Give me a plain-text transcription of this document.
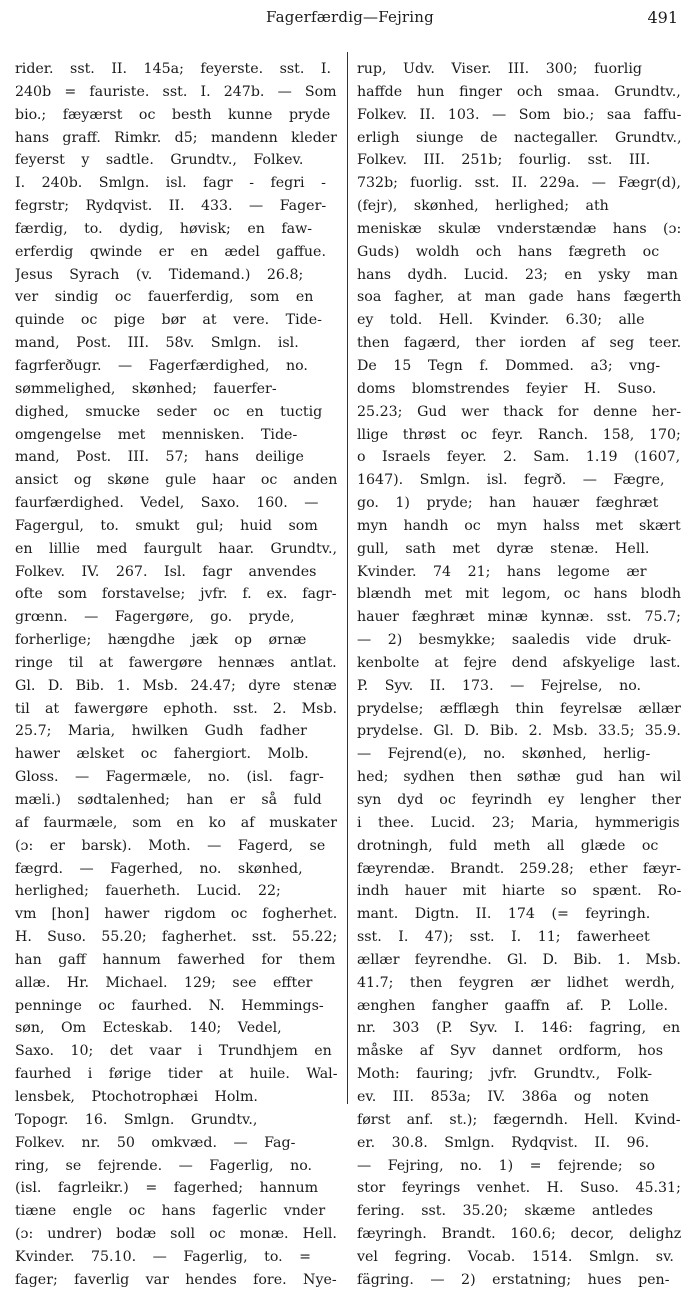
Fagerfærdig—Fejring	491
rider. sst. II. 145a; feyerste. sst. I.
240b = fauriste. sst. I. 247b. — Som
bio.; fæyærst oc besth kunne pryde
hans graff. Rimkr. d5; mandenn kleder
feyerst y sadtle. Grundtv., Folkev.
I. 240b. Smlgn. isl. fagr - fegri -
fegrstr; Rydqvist. II. 433. — Fager-
færdig, to. dydig, høvisk; en faw-
erferdig qwinde er en ædel gaffue.
Jesus Syrach (v. Tidemand.) 26.8;
ver sindig oc fauerferdig, som en
quinde oc pige bør at vere. Tide-
mand, Post. III. 58v. Smlgn. isl.
fagrferðugr. — Fagerfærdighed, no.
sømmelighed, skønhed; fauerfer-
dighed, smucke seder oc en tuctig
omgengelse met mennisken. Tide-
mand, Post. III. 57; hans deilige
ansict og skøne gule haar oc anden
faurfærdighed. Vedel, Saxo. 160. —
Fagergul, to. smukt gul; huid som
en lillie med faurgult haar. Grundtv.,
Folkev. IV. 267. Isl. fagr anvendes
ofte som forstavelse; jvfr. f. ex. fagr-
grœnn. — Fagergøre, go. pryde,
forherlige; hængdhe jæk op ørnæ
ringe til at fawergøre hennæs antlat.
Gl. D. Bib. 1. Msb. 24.47; dyre stenæ
til at fawergøre ephoth. sst. 2. Msb.
25.7; Maria, hwilken Gudh fadher
hawer ælsket oc fahergiort. Molb.
Gloss. — Fagermæle, no. (isl. fagr-
mæli.) sødtalenhed; han er så fuld
af faurmæle, som en ko af muskater
(ɔ: er barsk). Moth. — Fagerd, se
fægrd. — Fagerhed, no. skønhed,
herlighed; fauerheth. Lucid. 22;
vm [hon] hawer rigdom oc fogherhet.
H. Suso. 55.20; fagherhet. sst. 55.22;
han gaff hannum fawerhed for them
allæ. Hr. Michael. 129; see effter
penninge oc faurhed. N. Hemmings-
søn, Om Ecteskab. 140; Vedel,
Saxo. 10; det vaar i Trundhjem en
faurhed i førige tider at huile. Wal-
lensbek, Ptochotrophæi Holm.
Topogr. 16. Smlgn. Grundtv.,
Folkev. nr. 50 omkvæd. — Fag-
ring, se fejrende. — Fagerlig, no.
(isl. fagrleikr.) = fagerhed; hannum
tiæne engle oc hans fagerlic vnder
(ɔ: undrer) bodæ soll oc monæ. Hell.
Kvinder. 75.10. — Fagerlig, to. =
fager; faverlig var hendes fore. Nye-
rup, Udv. Viser. III. 300; fuorlig
haffde hun finger och smaa. Grundtv.,
Folkev. II. 103. — Som bio.; saa faffu-
erligh siunge de nactegaller. Grundtv.,
Folkev. III. 251b; fourlig. sst. III.
732b; fuorlig. sst. II. 229a. — Fægr(d),
(fejr), skønhed, herlighed; ath
meniskæ skulæ vnderstændæ hans (ɔ:
Guds) woldh och hans fægreth oc
hans dydh. Lucid. 23; en ysky man
soa fagher, at man gade hans fægerth
ey told. Hell. Kvinder. 6.30; alle
then fagærd, ther iorden af seg teer.
De 15 Tegn f. Dommed. a3; vng-
doms blomstrendes feyier H. Suso.
25.23; Gud wer thack for denne her-
llige thrøst oc feyr. Ranch. 158, 170;
o Israels feyer. 2. Sam. 1.19 (1607,
1647). Smlgn. isl. fegrð. — Fægre,
go. 1) pryde; han hauær fæghræt
myn handh oc myn halss met skært
gull, sath met dyræ stenæ. Hell.
Kvinder. 74 21; hans legome ær
blændh met mit legom, oc hans blodh
hauer fæghræt minæ kynnæ. sst. 75.7;
— 2) besmykke; saaledis vide druk-
kenbolte at fejre dend afskyelige last.
P. Syv. II. 173. — Fejrelse, no.
prydelse; æfflægh thin feyrelsæ ællær
prydelse. Gl. D. Bib. 2. Msb. 33.5; 35.9.
— Fejrend(e), no. skønhed, herlig-
hed; sydhen then søthæ gud han wil
syn dyd oc feyrindh ey lengher ther
i thee. Lucid. 23; Maria, hymmerigis
drotningh, fuld meth all glæde oc
fæyrendæ. Brandt. 259.28; ether fæyr-
indh hauer mit hiarte so spænt. Ro-
mant. Digtn. II. 174 (= feyringh.
sst. I. 47); sst. I. 11; fawerheet
ællær feyrendhe. Gl. D. Bib. 1. Msb.
41.7; then feygren ær lidhet werdh,
ænghen fangher gaaffn af. P. Lolle.
nr. 303 (P. Syv. I. 146: fagring, en
måske af Syv dannet ordform, hos
Moth: fauring; jvfr. Grundtv., Folk-
ev. III. 853a; IV. 386a og noten
først anf. st.); fægerndh. Hell. Kvind-
er. 30.8. Smlgn. Rydqvist. II. 96.
— Fejring, no. 1) = fejrende; so
stor feyrings venhet. H. Suso. 45.31;
fering. sst. 35.20; skæme antledes
fæyringh. Brandt. 160.6; decor, delighz
vel fegring. Vocab. 1514. Smlgn. sv.
fägring. — 2) erstatning; hues pen-
